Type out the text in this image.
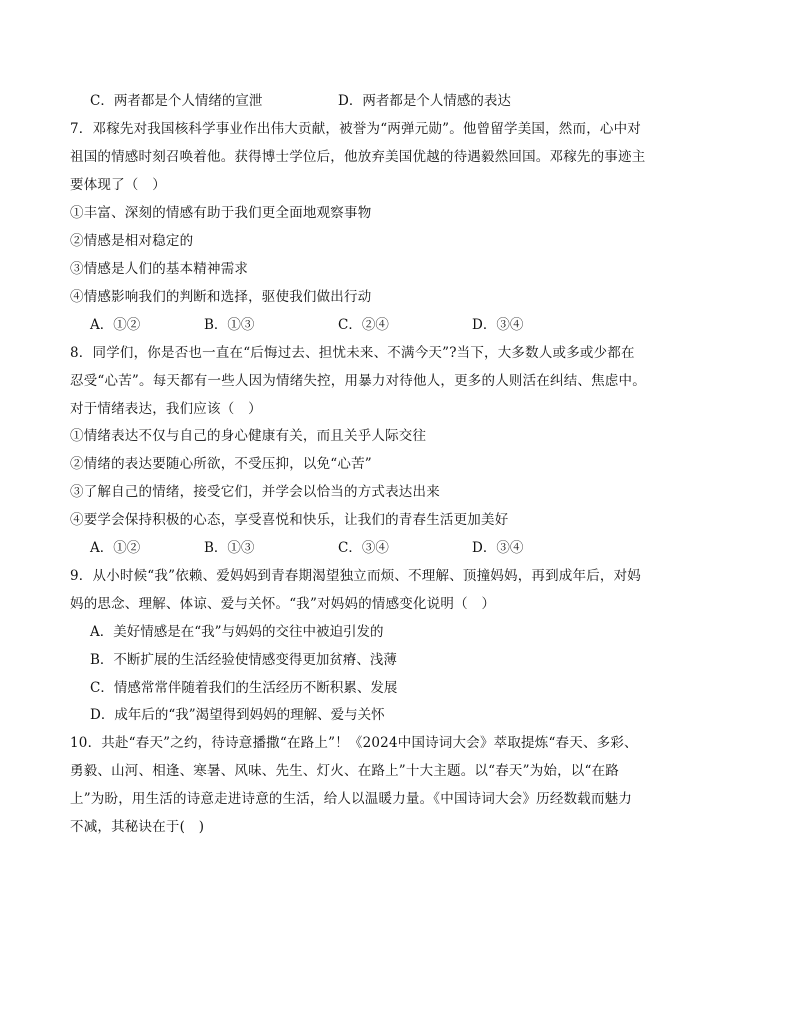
C．两者都是个人情绪的宣泄	D．两者都是个人情感的表达
7．邓稼先对我国核科学事业作出伟大贡献，被誉为“两弹元勋”。他曾留学美国，然而，心中对
祖国的情感时刻召唤着他。获得博士学位后，他放弃美国优越的待遇毅然回国。邓稼先的事迹主
要体现了（　）
①丰富、深刻的情感有助于我们更全面地观察事物
②情感是相对稳定的
③情感是人们的基本精神需求
④情感影响我们的判断和选择，驱使我们做出行动
A．①②	B．①③	C．②④	D．③④
8．同学们，你是否也一直在“后悔过去、担忧未来、不满今天”?当下，大多数人或多或少都在
忍受“心苦”。每天都有一些人因为情绪失控，用暴力对待他人，更多的人则活在纠结、焦虑中。
对于情绪表达，我们应该（　）
①情绪表达不仅与自己的身心健康有关，而且关乎人际交往
②情绪的表达要随心所欲，不受压抑，以免“心苦”
③了解自己的情绪，接受它们，并学会以恰当的方式表达出来
④要学会保持积极的心态，享受喜悦和快乐，让我们的青春生活更加美好
A．①②	B．①③	C．③④	D．③④
9．从小时候“我”依赖、爱妈妈到青春期渴望独立而烦、不理解、顶撞妈妈，再到成年后，对妈
妈的思念、理解、体谅、爱与关怀。“我”对妈妈的情感变化说明（　）
A．美好情感是在“我”与妈妈的交往中被迫引发的
B．不断扩展的生活经验使情感变得更加贫瘠、浅薄
C．情感常常伴随着我们的生活经历不断积累、发展
D．成年后的“我”渴望得到妈妈的理解、爱与关怀
10．共赴“春天”之约，待诗意播撒“在路上”！《2024中国诗词大会》萃取提炼“春天、多彩、
勇毅、山河、相逢、寒暑、风味、先生、灯火、在路上”十大主题。以“春天”为始，以“在路
上”为盼，用生活的诗意走进诗意的生活，给人以温暖力量。《中国诗词大会》历经数载而魅力
不减，其秘诀在于(　)
